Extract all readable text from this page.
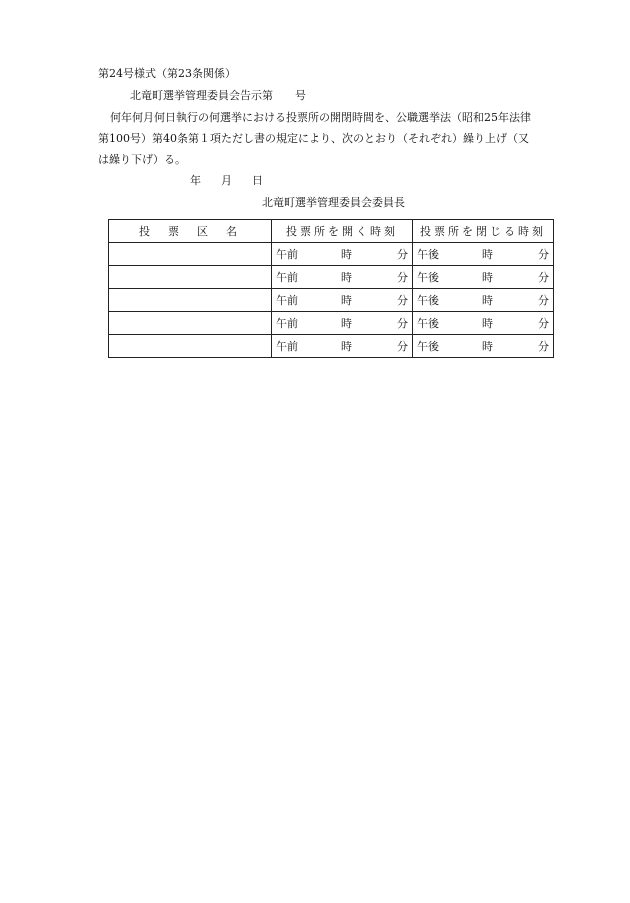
第24号様式（第23条関係）
北竜町選挙管理委員会告示第 号
何年何月何日執行の何選挙における投票所の開閉時間を、公職選挙法（昭和25年法律
第100号）第40条第１項ただし書の規定により、次のとおり（それぞれ）繰り上げ（又
は繰り下げ）る。
年 月 日
北竜町選挙管理委員会委員長
投票区名	投票所を開く時刻	投票所を閉じる時刻

	午前 時 分	午後 時 分

	午前 時 分	午後 時 分

	午前 時 分	午後 時 分

	午前 時 分	午後 時 分

	午前 時 分	午後 時 分
